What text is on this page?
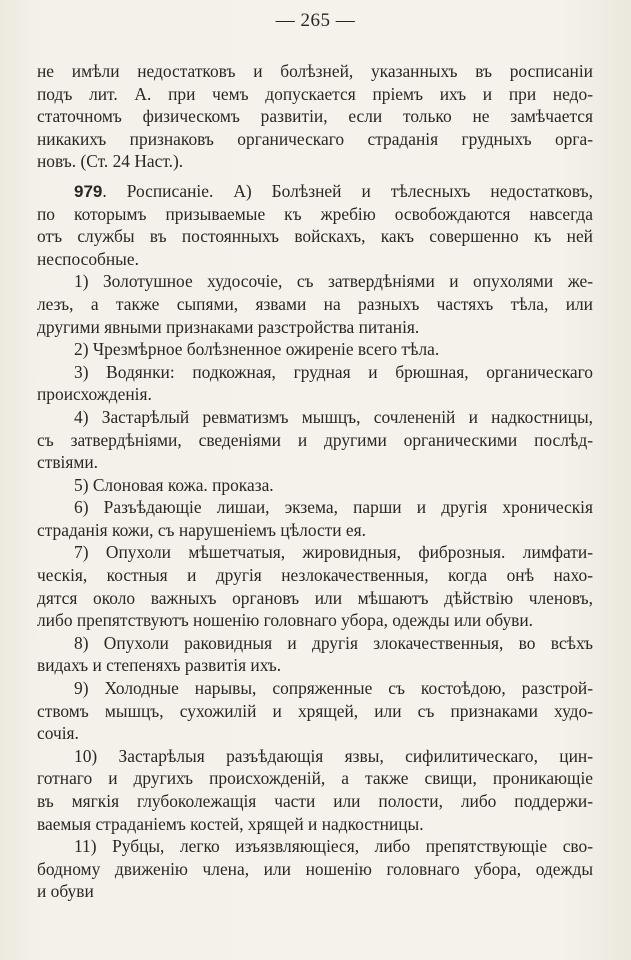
— 265 —
не имѣли недостатковъ и болѣзней, указанныхъ въ росписаніи
подъ лит. А. при чемъ допускается пріемъ ихъ и при недо-
статочномъ физическомъ развитіи, если только не замѣчается
никакихъ признаковъ органическаго страданія грудныхъ орга-
новъ. (Ст. 24 Наст.).
979. Росписаніе. А) Болѣзней и тѣлесныхъ недостатковъ,
по которымъ призываемые къ жребію освобождаются навсегда
отъ службы въ постоянныхъ войскахъ, какъ совершенно къ ней
неспособные.
1) Золотушное худосочіе, съ затвердѣніями и опухолями же-
лезъ, а также сыпями, язвами на разныхъ частяхъ тѣла, или
другими явными признаками разстройства питанія.
2) Чрезмѣрное болѣзненное ожиреніе всего тѣла.
3) Водянки: подкожная, грудная и брюшная, органическаго
происхожденія.
4) Застарѣлый ревматизмъ мышцъ, сочлененій и надкостницы,
съ затвердѣніями, сведеніями и другими органическими послѣд-
ствіями.
5) Слоновая кожа. проказа.
6) Разъѣдающіе лишаи, экзема, парши и другія хроническія
страданія кожи, съ нарушеніемъ цѣлости ея.
7) Опухоли мѣшетчатыя, жировидныя, фиброзныя. лимфати-
ческія, костныя и другія незлокачественныя, когда онѣ нахо-
дятся около важныхъ органовъ или мѣшаютъ дѣйствію членовъ,
либо препятствуютъ ношенію головнаго убора, одежды или обуви.
8) Опухоли раковидныя и другія злокачественныя, во всѣхъ
видахъ и степеняхъ развитія ихъ.
9) Холодные нарывы, сопряженные съ костоѣдою, разстрой-
ствомъ мышцъ, сухожилій и хрящей, или съ признаками худо-
сочія.
10) Застарѣлыя разъѣдающія язвы, сифилитическаго, цин-
готнаго и другихъ происхожденій, а также свищи, проникающіе
въ мягкія глубоколежащія части или полости, либо поддержи-
ваемыя страданіемъ костей, хрящей и надкостницы.
11) Рубцы, легко изъязвляющіеся, либо препятствующіе сво-
бодному движенію члена, или ношенію головнаго убора, одежды
и обуви
